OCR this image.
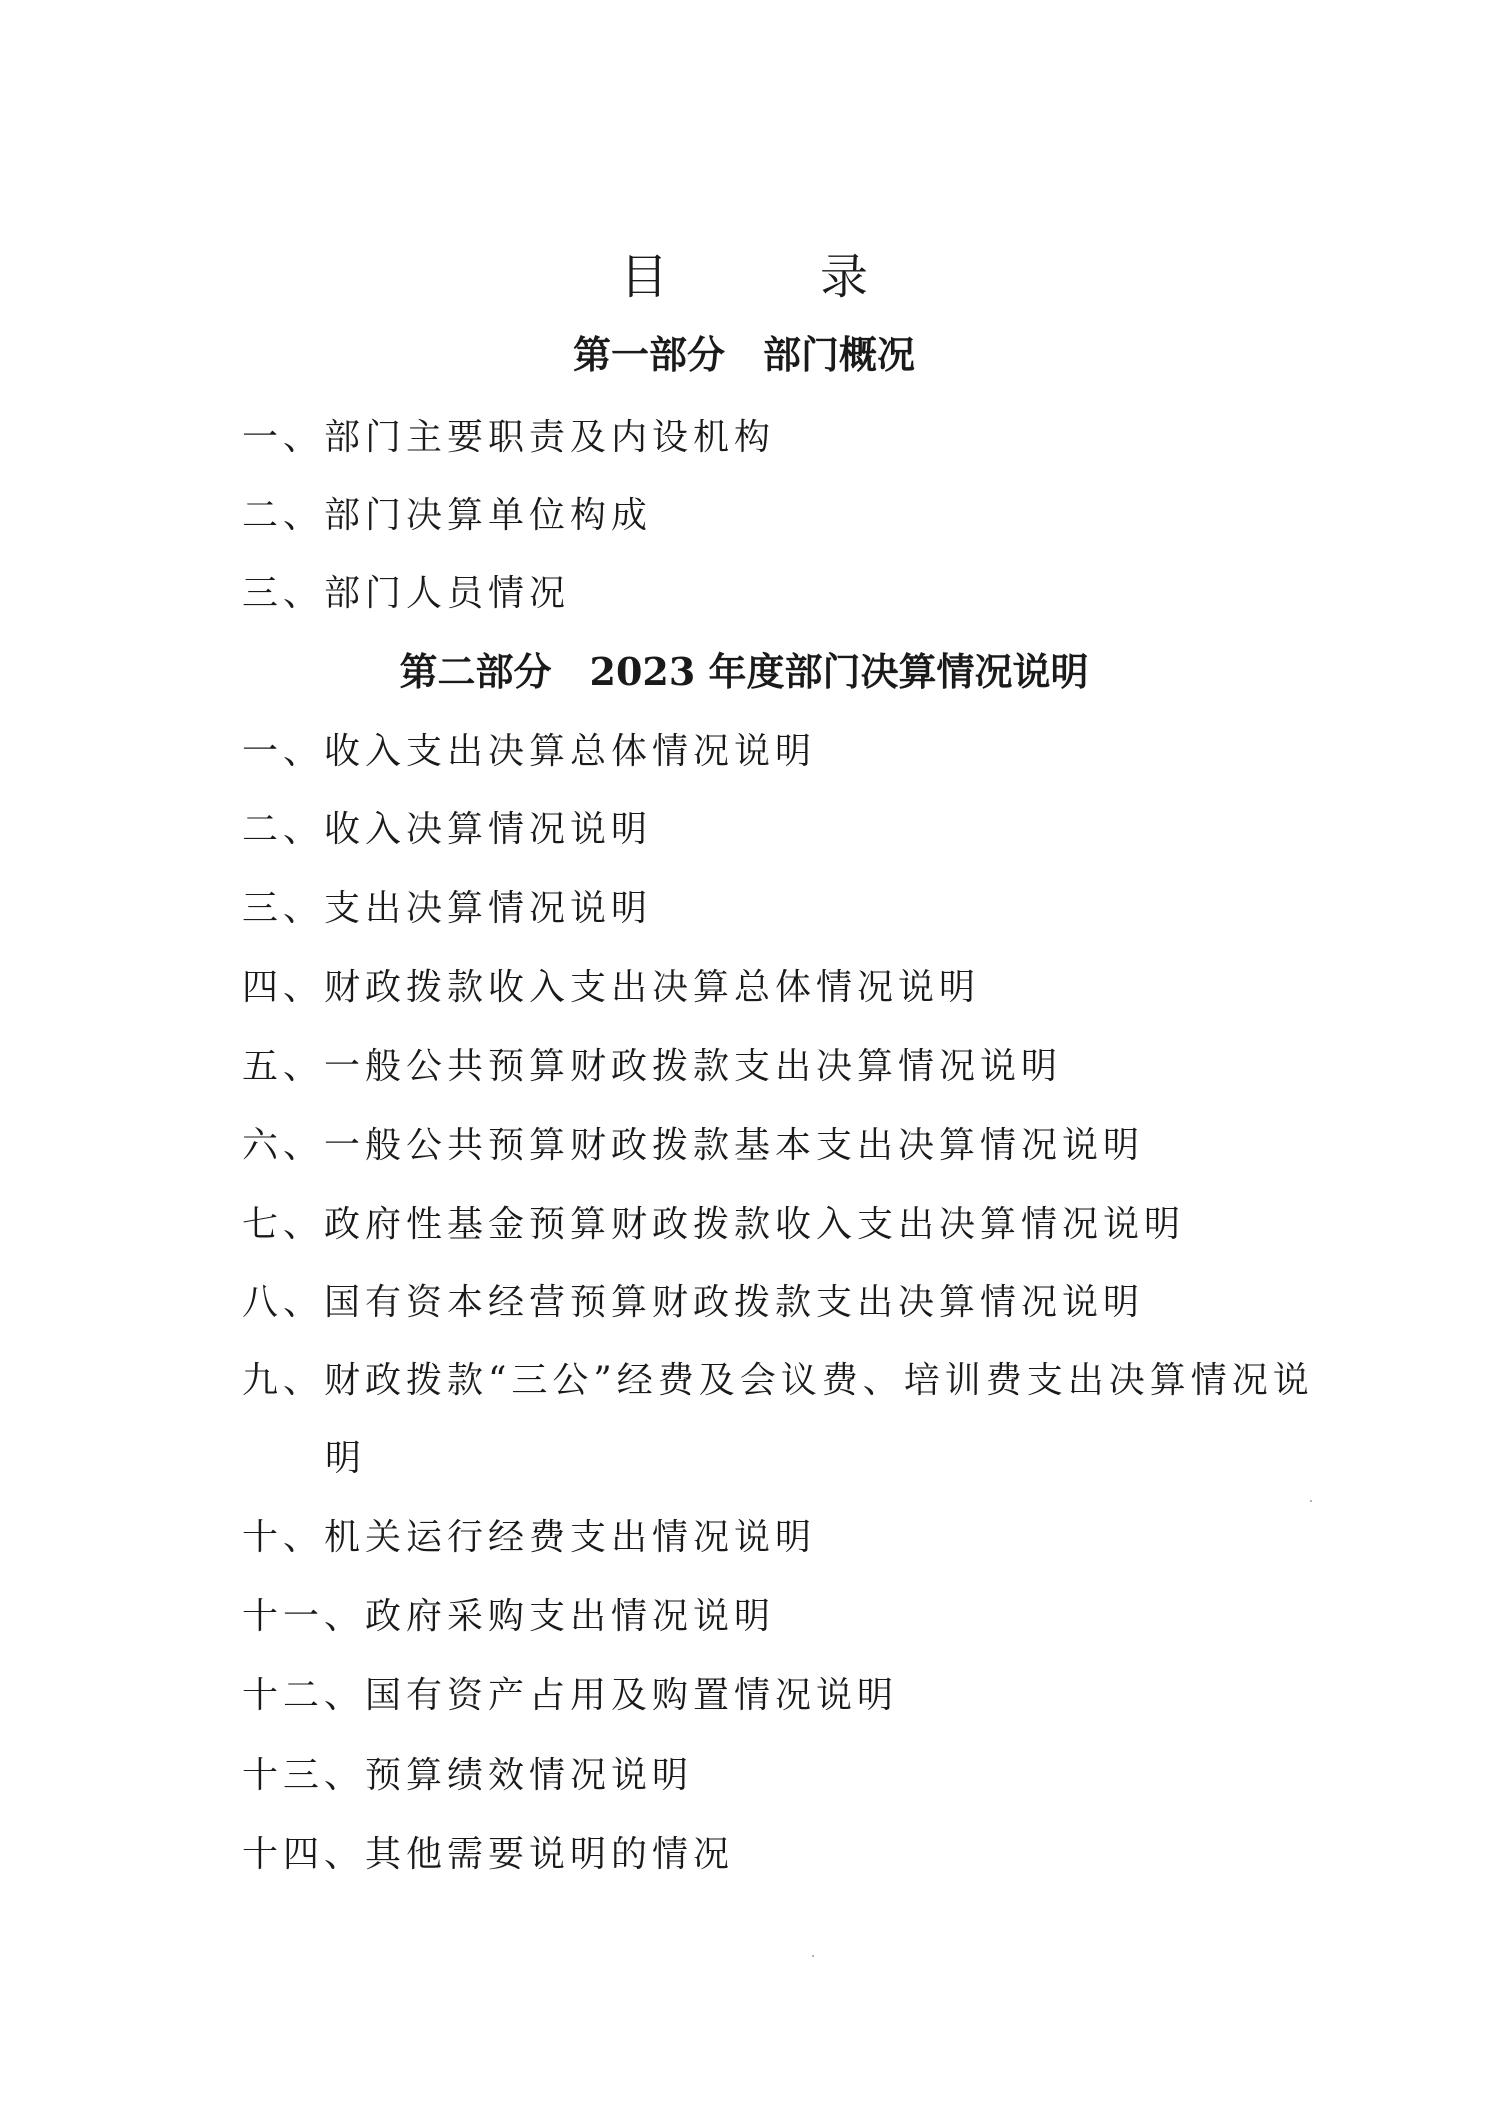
目　录
第一部分　部门概况
一、部门主要职责及内设机构
二、部门决算单位构成
三、部门人员情况
第二部分　2023 年度部门决算情况说明
一、收入支出决算总体情况说明
二、收入决算情况说明
三、支出决算情况说明
四、财政拨款收入支出决算总体情况说明
五、一般公共预算财政拨款支出决算情况说明
六、一般公共预算财政拨款基本支出决算情况说明
七、政府性基金预算财政拨款收入支出决算情况说明
八、国有资本经营预算财政拨款支出决算情况说明
九、财政拨款“三公”经费及会议费、培训费支出决算情况说
明
十、机关运行经费支出情况说明
十一、政府采购支出情况说明
十二、国有资产占用及购置情况说明
十三、预算绩效情况说明
十四、其他需要说明的情况
